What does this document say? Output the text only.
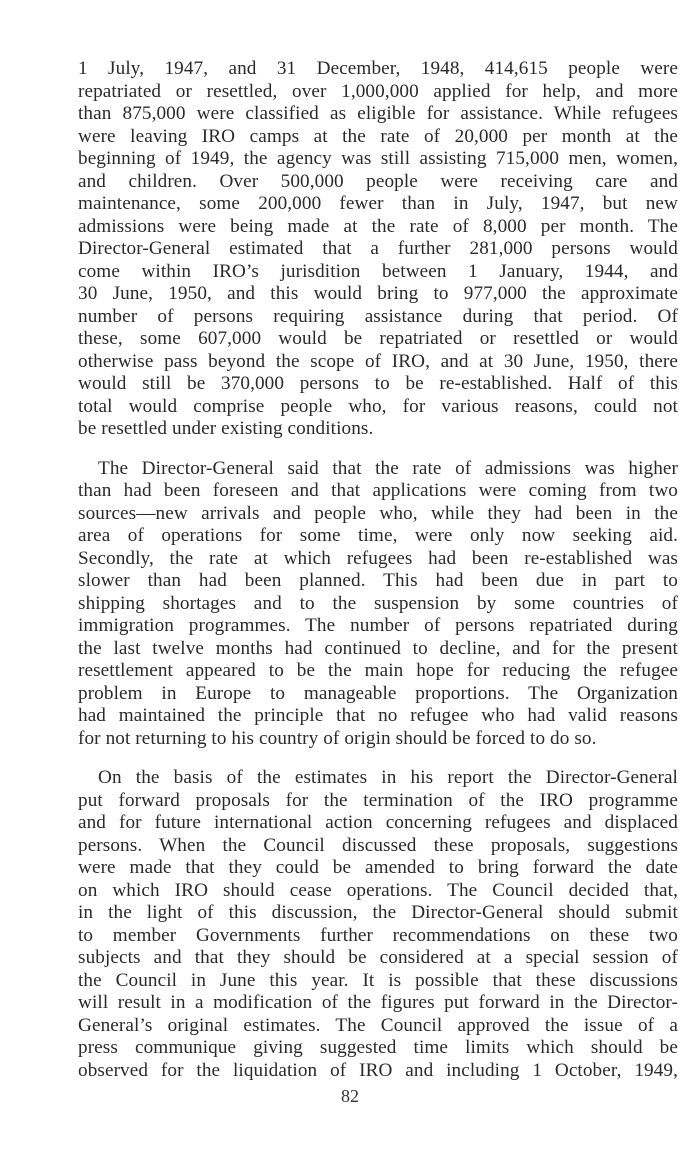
1 July, 1947, and 31 December, 1948, 414,615 people were
repatriated or resettled, over 1,000,000 applied for help, and more
than 875,000 were classified as eligible for assistance. While refugees
were leaving IRO camps at the rate of 20,000 per month at the
beginning of 1949, the agency was still assisting 715,000 men, women,
and children. Over 500,000 people were receiving care and
maintenance, some 200,000 fewer than in July, 1947, but new
admissions were being made at the rate of 8,000 per month. The
Director-General estimated that a further 281,000 persons would
come within IRO’s jurisdition between 1 January, 1944, and
30 June, 1950, and this would bring to 977,000 the approximate
number of persons requiring assistance during that period. Of
these, some 607,000 would be repatriated or resettled or would
otherwise pass beyond the scope of IRO, and at 30 June, 1950, there
would still be 370,000 persons to be re-established. Half of this
total would comprise people who, for various reasons, could not
be resettled under existing conditions.
The Director-General said that the rate of admissions was higher
than had been foreseen and that applications were coming from two
sources—new arrivals and people who, while they had been in the
area of operations for some time, were only now seeking aid.
Secondly, the rate at which refugees had been re-established was
slower than had been planned. This had been due in part to
shipping shortages and to the suspension by some countries of
immigration programmes. The number of persons repatriated during
the last twelve months had continued to decline, and for the present
resettlement appeared to be the main hope for reducing the refugee
problem in Europe to manageable proportions. The Organization
had maintained the principle that no refugee who had valid reasons
for not returning to his country of origin should be forced to do so.
On the basis of the estimates in his report the Director-General
put forward proposals for the termination of the IRO programme
and for future international action concerning refugees and displaced
persons. When the Council discussed these proposals, suggestions
were made that they could be amended to bring forward the date
on which IRO should cease operations. The Council decided that,
in the light of this discussion, the Director-General should submit
to member Governments further recommendations on these two
subjects and that they should be considered at a special session of
the Council in June this year. It is possible that these discussions
will result in a modification of the figures put forward in the Director-
General’s original estimates. The Council approved the issue of a
press communique giving suggested time limits which should be
observed for the liquidation of IRO and including 1 October, 1949,
82
